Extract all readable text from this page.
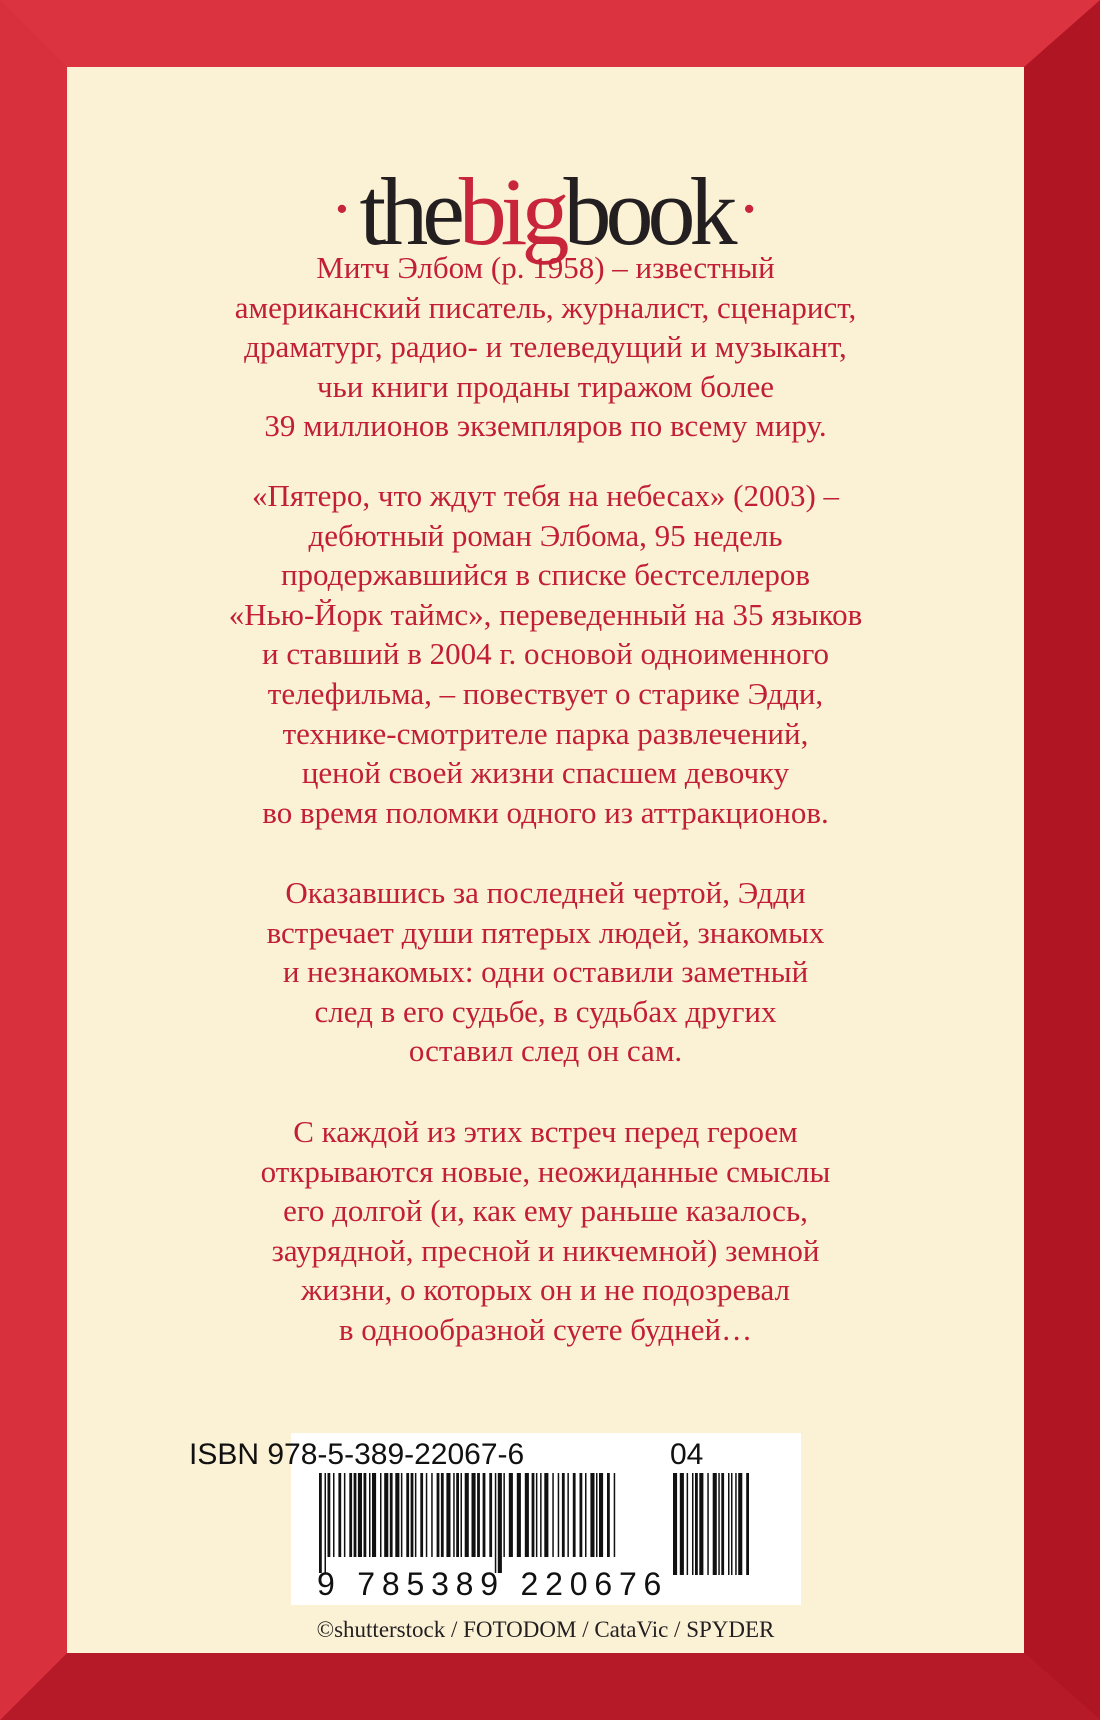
·thebigbook·
Митч Элбом (р. 1958) – известный
американский писатель, журналист, сценарист,
драматург, радио- и телеведущий и музыкант,
чьи книги проданы тиражом более
39 миллионов экземпляров по всему миру.
«Пятеро, что ждут тебя на небесах» (2003) –
дебютный роман Элбома, 95 недель
продержавшийся в списке бестселлеров
«Нью-Йорк таймс», переведенный на 35 языков
и ставший в 2004 г. основой одноименного
телефильма, – повествует о старике Эдди,
технике-смотрителе парка развлечений,
ценой своей жизни спасшем девочку
во время поломки одного из аттракционов.
Оказавшись за последней чертой, Эдди
встречает души пятерых людей, знакомых
и незнакомых: одни оставили заметный
след в его судьбе, в судьбах других
оставил след он сам.
С каждой из этих встреч перед героем
открываются новые, неожиданные смыслы
его долгой (и, как ему раньше казалось,
заурядной, пресной и никчемной) земной
жизни, о которых он и не подозревал
в однообразной суете будней…
ISBN 978-5-389-22067-6	04
9 785389 220676
©shutterstock / FOTODOM / CataVic / SPYDER
